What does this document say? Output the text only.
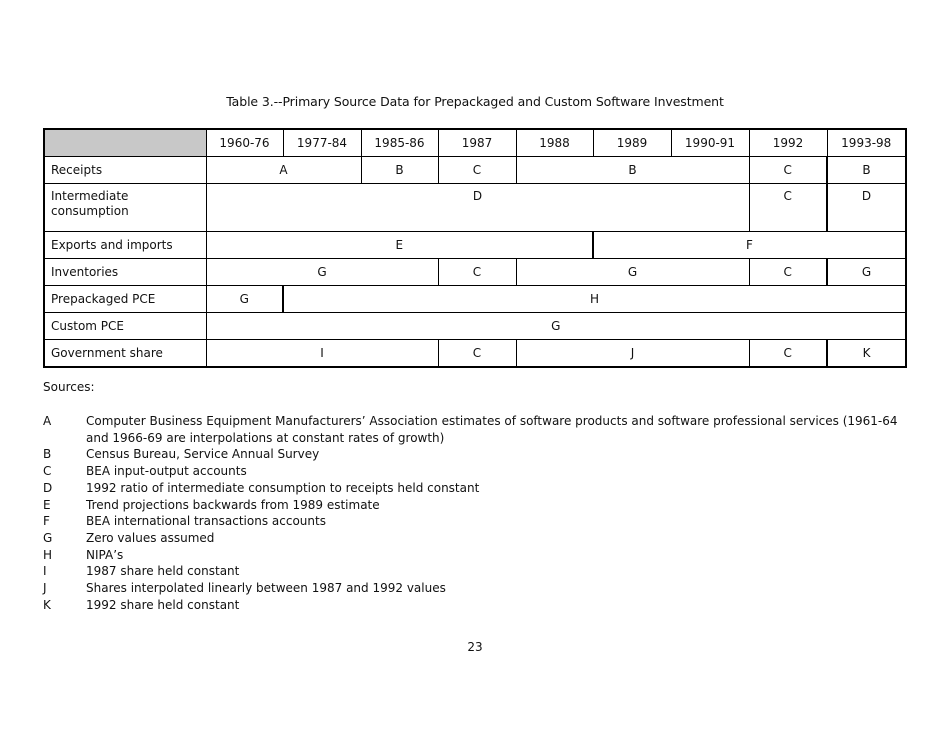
Table 3.--Primary Source Data for Prepackaged and Custom Software Investment
	1960-76	1977-84	1985-86	1987	1988	1989	1990-91	1992	1993-98
Receipts	A		B	C	B			C	B
Intermediate consumption	D							C	D
Exports and imports	E					F			
Inventories	G			C	G			C	G
Prepackaged PCE	G	H							
Custom PCE	G								
Government share	I			C	J			C	K
Sources:
A	Computer Business Equipment Manufacturers’ Association estimates of software products and software professional services (1961-64 and 1966-69 are interpolations at constant rates of growth)
B	Census Bureau, Service Annual Survey
C	BEA input-output accounts
D	1992 ratio of intermediate consumption to receipts held constant
E	Trend projections backwards from 1989 estimate
F	BEA international transactions accounts
G	Zero values assumed
H	NIPA’s
I	1987 share held constant
J	Shares interpolated linearly between 1987 and 1992 values
K	1992 share held constant
23
